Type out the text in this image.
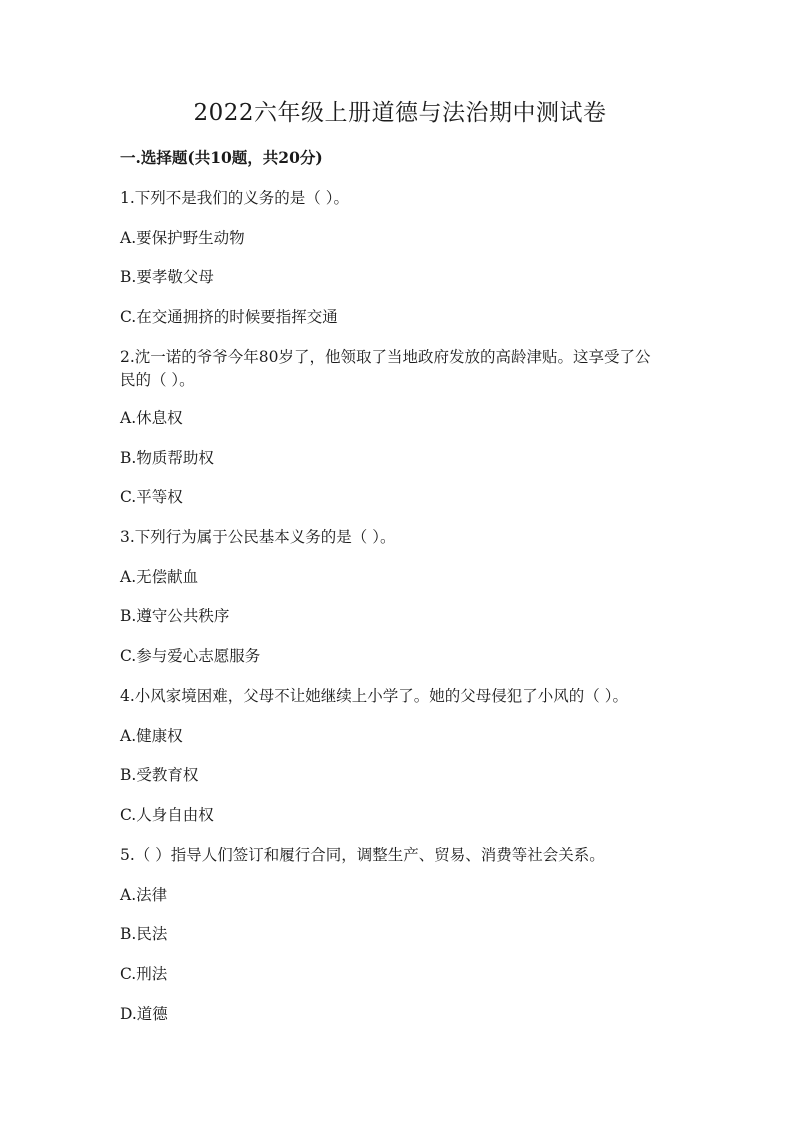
2022六年级上册道德与法治期中测试卷
一.选择题(共10题，共20分)
1.下列不是我们的义务的是（ ）。
A.要保护野生动物
B.要孝敬父母
C.在交通拥挤的时候要指挥交通
2.沈一诺的爷爷今年80岁了，他领取了当地政府发放的高龄津贴。这享受了公
民的（ ）。
A.休息权
B.物质帮助权
C.平等权
3.下列行为属于公民基本义务的是（ ）。
A.无偿献血
B.遵守公共秩序
C.参与爱心志愿服务
4.小风家境困难，父母不让她继续上小学了。她的父母侵犯了小风的（ ）。
A.健康权
B.受教育权
C.人身自由权
5.（ ）指导人们签订和履行合同，调整生产、贸易、消费等社会关系。
A.法律
B.民法
C.刑法
D.道德
